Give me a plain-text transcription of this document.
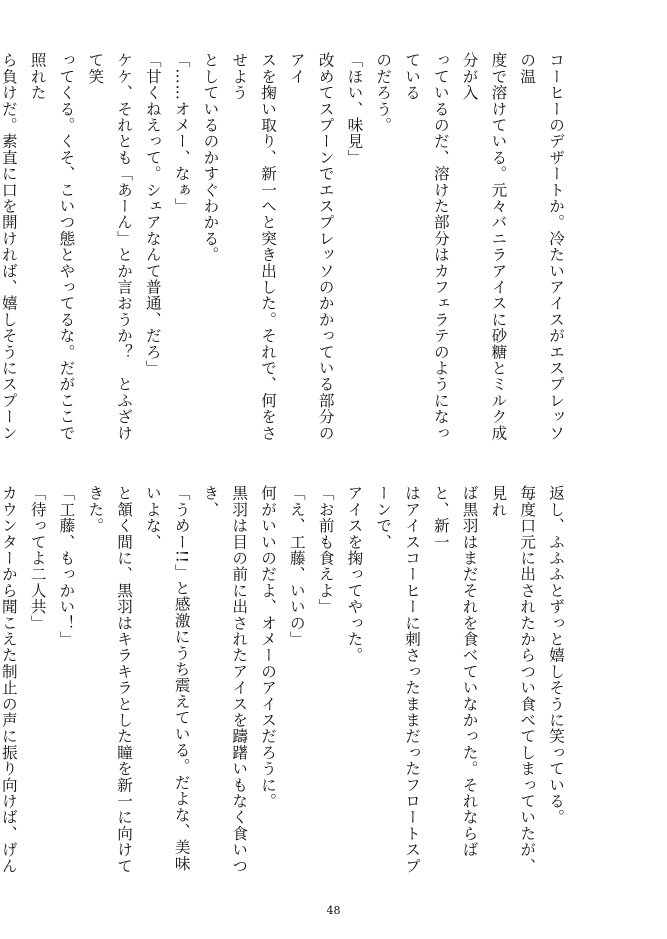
コーヒーのデザートか。冷たいアイスがエスプレッソの温

度で溶けている。元々バニラアイスに砂糖とミルク成分が入

っているのだ、溶けた部分はカフェラテのようになっている

のだろう。

「ほい、味見」

改めてスプーンでエスプレッソのかかっている部分のアイ

スを掬い取り、新一へと突き出した。それで、何をさせよう

としているのかすぐわかる。

「……オメー、なぁ」

「甘くねえって。シェアなんて普通、だろ」

ケケ、それとも「あーん」とか言おうか？　とふざけて笑

ってくる。くそ、こいつ態とやってるな。だがここで照れた

ら負けだ。素直に口を開ければ、嬉しそうにスプーン

返し、ふふふとずっと嬉しそうに笑っている。

毎度口元に出されたからつい食べてしまっていたが、見れ

ば黒羽はまだそれを食べていなかった。それならばと、新一

はアイスコーヒーに刺さったままだったフロートスプーンで、

アイスを掬ってやった。

「お前も食えよ」

「え、工藤、いいの」

何がいいのだよ、オメーのアイスだろうに。

黒羽は目の前に出されたアイスを躊躇いもなく食いつき、

「うめー!!」と感激にうち震えている。だよな、美味いよな、

と頷く間に、黒羽はキラキラとした瞳を新一に向けてきた。

「工藤、もっかい！」

「待ってよ二人共」

カウンターから聞こえた制止の声に振り向けば、げん

48
